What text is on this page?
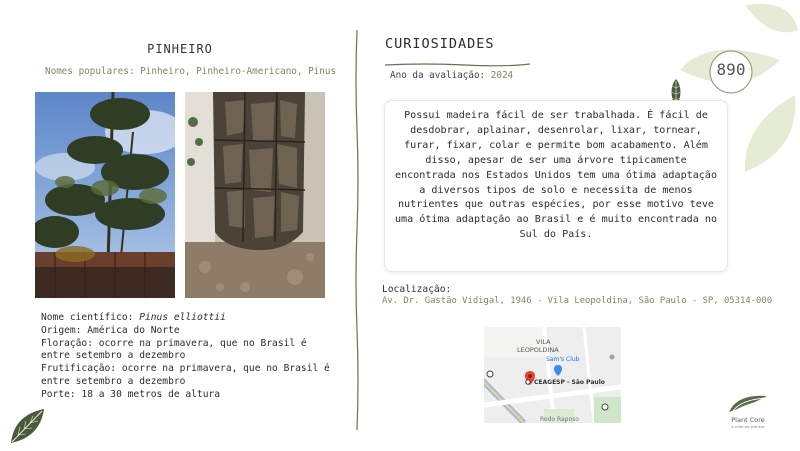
PINHEIRO
Nomes populares: Pinheiro, Pinheiro-Americano, Pinus
Nome científico: Pinus elliottii
Origem: América do Norte
Floração: ocorre na primavera, que no Brasil é
entre setembro a dezembro
Frutificação: ocorre na primavera, que no Brasil é
entre setembro a dezembro
Porte: 18 a 30 metros de altura
CURIOSIDADES
Ano da avaliação: 2024	890

Possui madeira fácil de ser trabalhada. É fácil de desdobrar, aplainar, desenrolar, lixar, tornear, furar, fixar, colar e permite bom acabamento. Além disso, apesar de ser uma árvore tipicamente encontrada nos Estados Unidos tem uma ótima adaptação a diversos tipos de solo e necessita de menos nutrientes que outras espécies, por esse motivo teve uma ótima adaptação ao Brasil e é muito encontrada no Sul do País.

Localização:
Av. Dr. Gastão Vidigal, 1946 - Vila Leopoldina, São Paulo - SP, 05314-000
VILA
LEOPOLDINA
Sam's Club
CEAGESP - São Paulo
Rodo Raposo	Plant Core
a rede de plantas
